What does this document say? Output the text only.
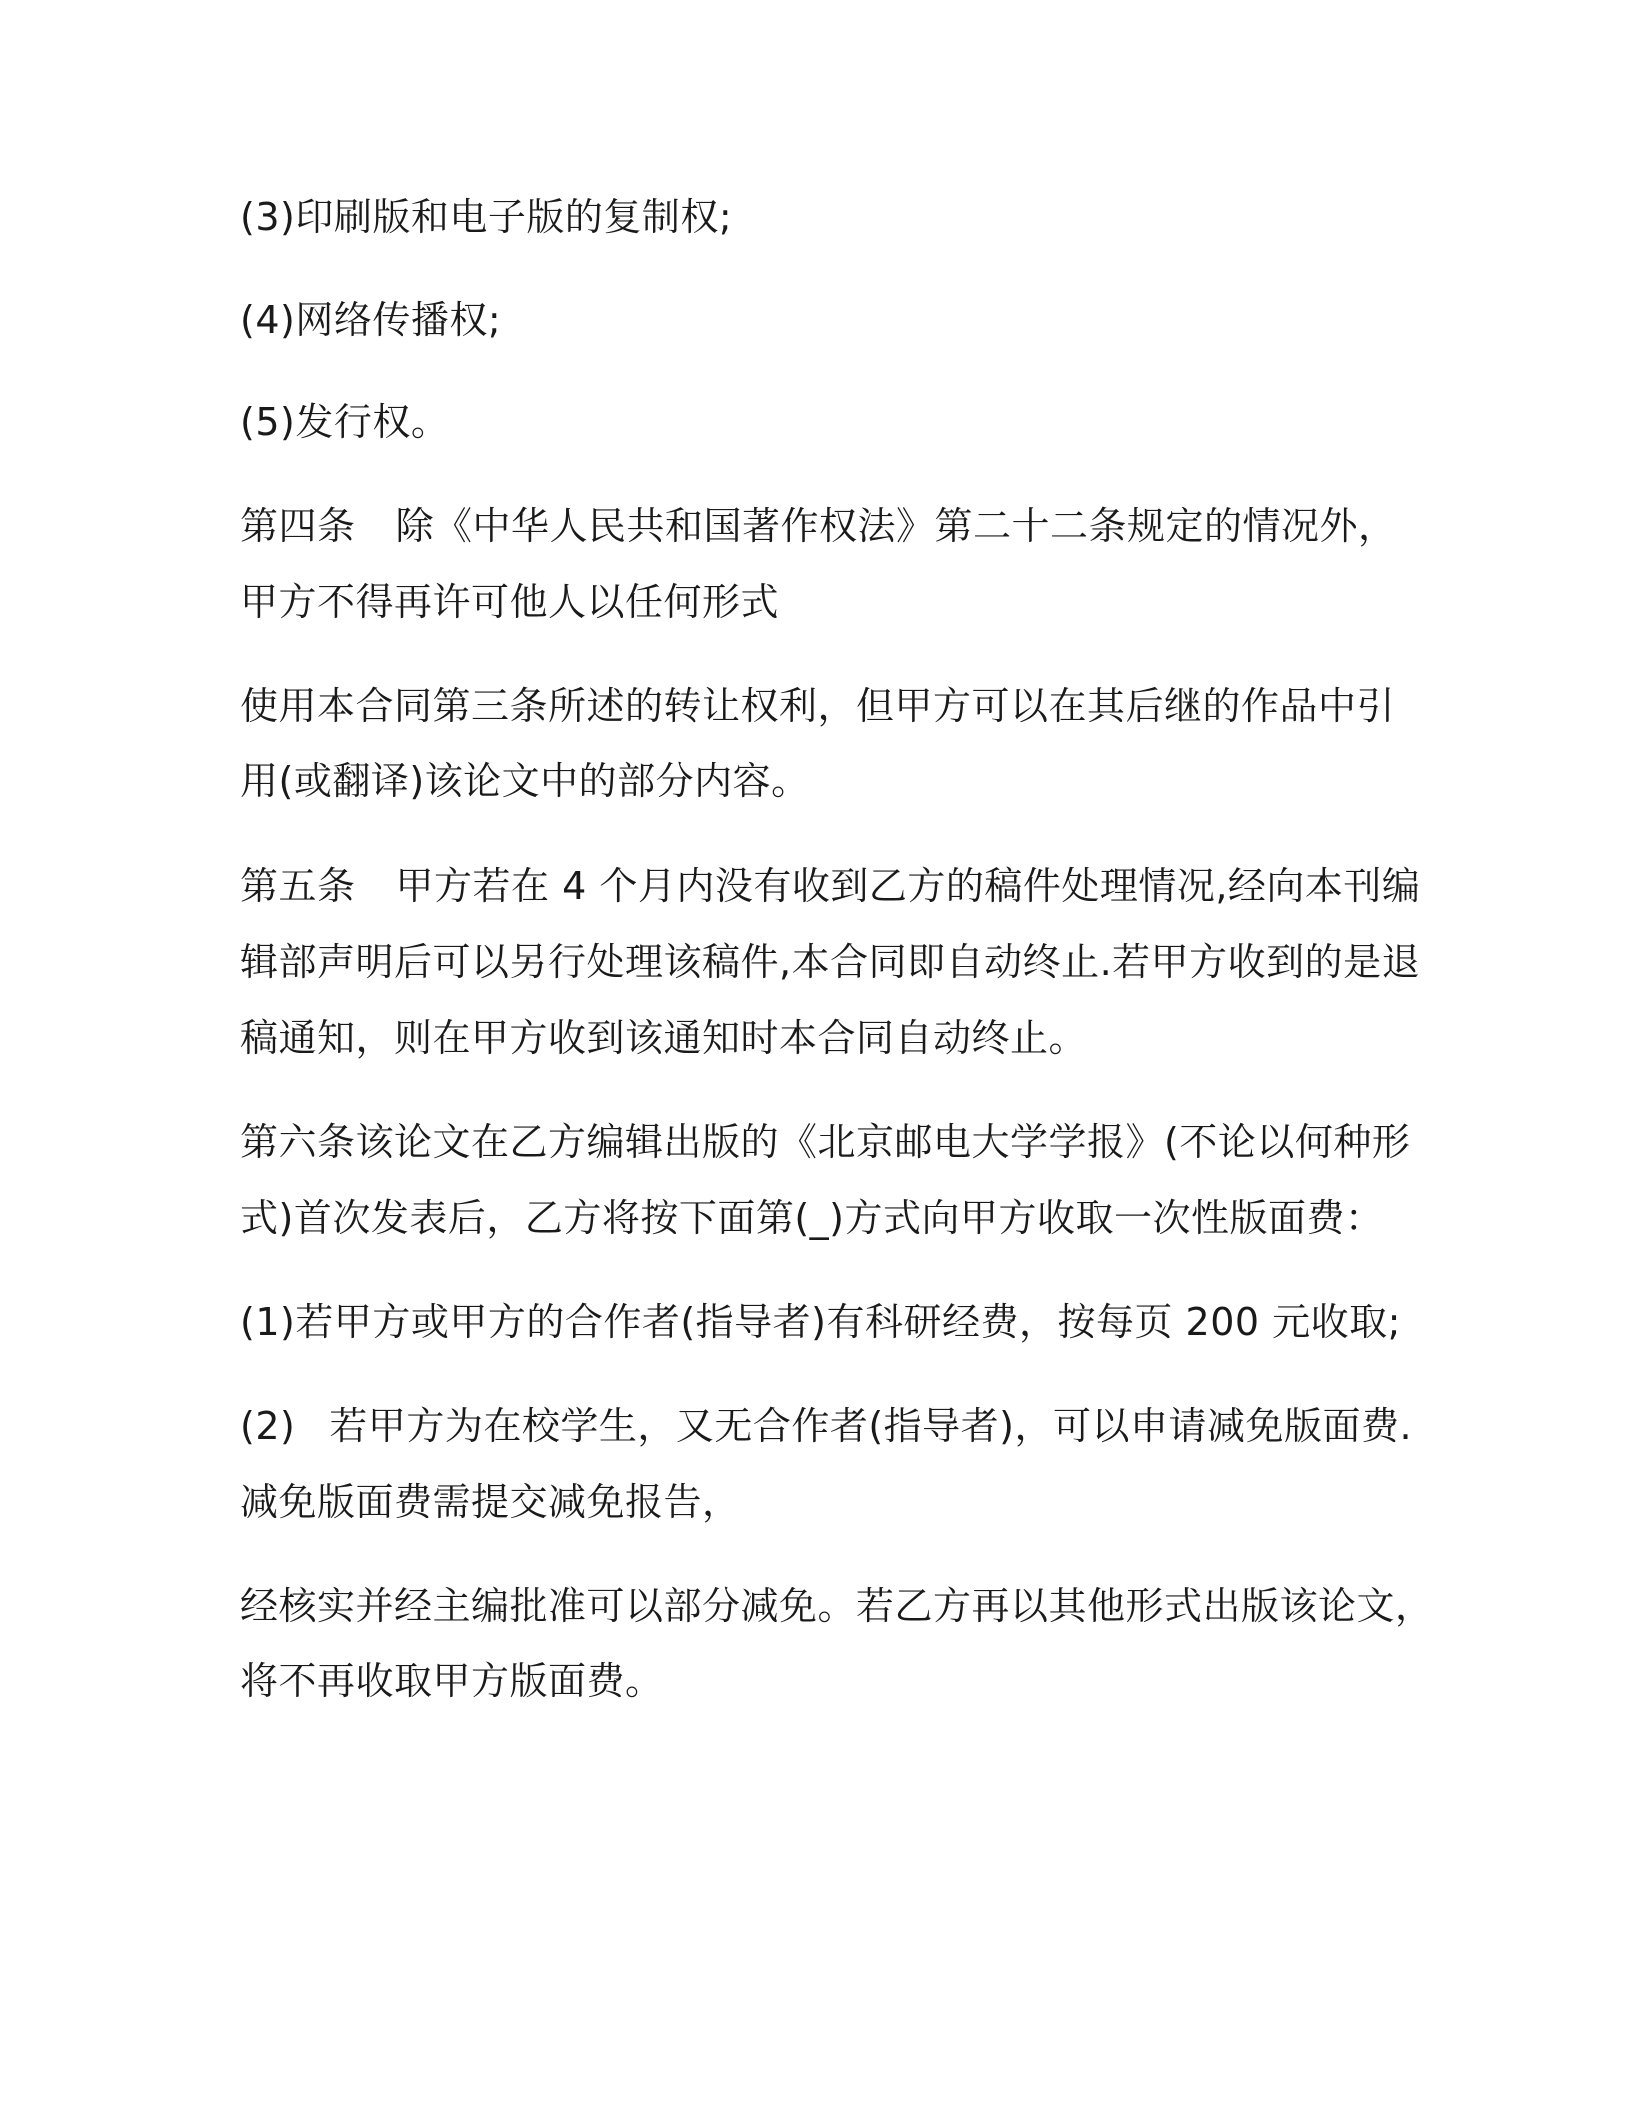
(3)印刷版和电子版的复制权;

(4)网络传播权;

(5)发行权。

第四条 除《中华人民共和国著作权法》第二十二条规定的情况外，

甲方不得再许可他人以任何形式

使用本合同第三条所述的转让权利，但甲方可以在其后继的作品中引

用(或翻译)该论文中的部分内容。

第五条 甲方若在 4 个月内没有收到乙方的稿件处理情况,经向本刊编

辑部声明后可以另行处理该稿件,本合同即自动终止.若甲方收到的是退

稿通知，则在甲方收到该通知时本合同自动终止。

第六条该论文在乙方编辑出版的《北京邮电大学学报》(不论以何种形

式)首次发表后，乙方将按下面第(_)方式向甲方收取一次性版面费：

(1)若甲方或甲方的合作者(指导者)有科研经费，按每页 200 元收取;

(2) 若甲方为在校学生，又无合作者(指导者)，可以申请减免版面费.

减免版面费需提交减免报告，

经核实并经主编批准可以部分减免。若乙方再以其他形式出版该论文，

将不再收取甲方版面费。
